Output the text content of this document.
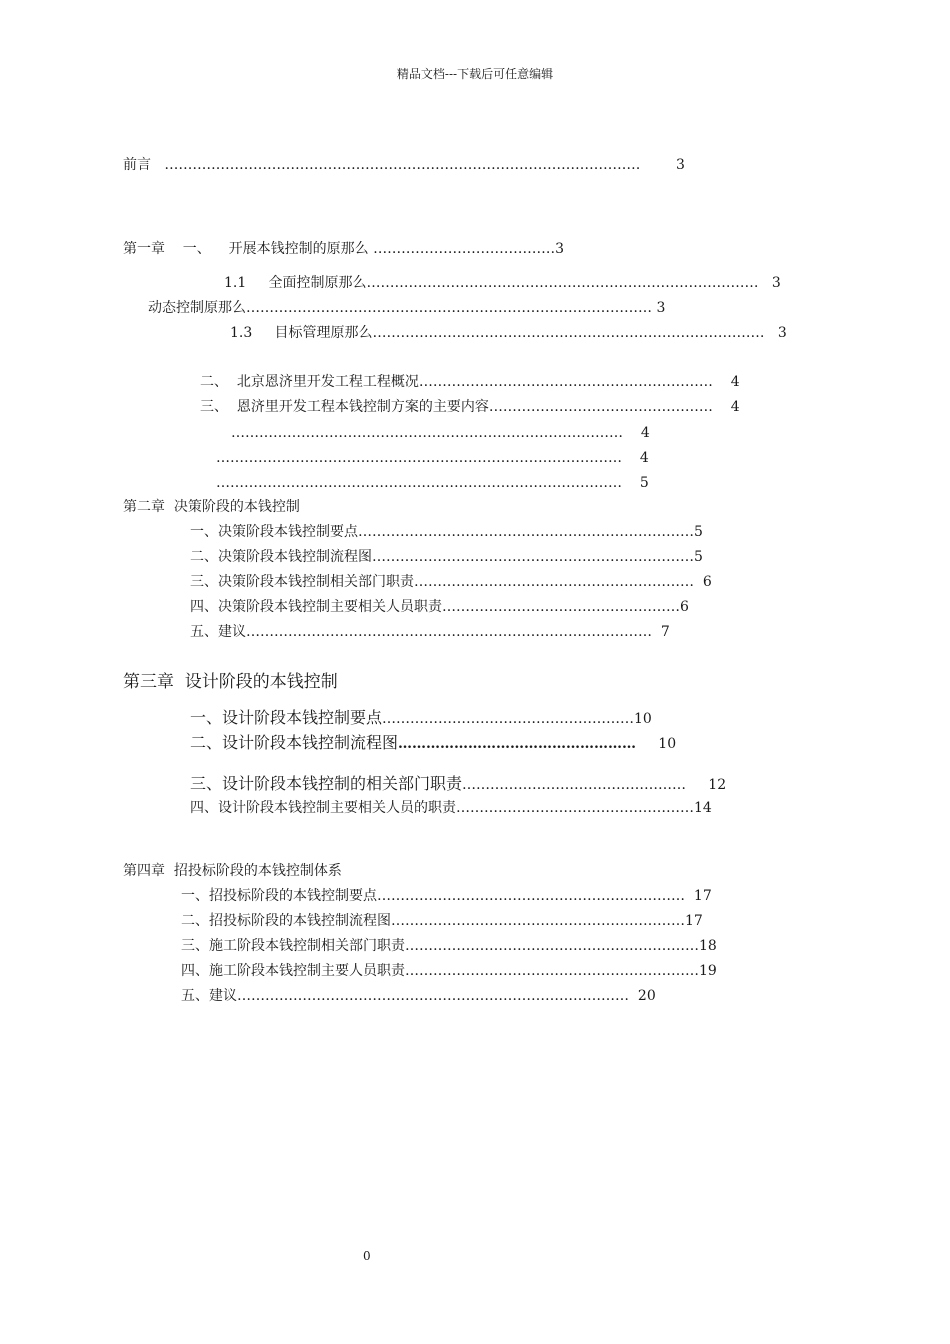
精品文档---下载后可任意编辑
前言 …………………………………………………………………………………………	3
第一章    一、    开展本钱控制的原那么 …………………………………3
1.1     全面控制原那么………………………………………………………………………… 3
动态控制原那么…………………………………………………………………………… 3
1.3     目标管理原那么………………………………………………………………………… 3
二、  北京恩济里开发工程工程概况……………………………………………………… 4
三、  恩济里开发工程本钱控制方案的主要内容………………………………………… 4
………………………………………………………………………… 4
…………………………………………………………………………… 4
…………………………………………………………………………… 5
第二章  决策阶段的本钱控制
一、决策阶段本钱控制要点………………………………………………………………5
二、决策阶段本钱控制流程图……………………………………………………………5
三、决策阶段本钱控制相关部门职责…………………………………………………… 6
四、决策阶段本钱控制主要相关人员职责……………………………………………6
五、建议…………………………………………………………………………… 7
第三章  设计阶段的本钱控制
一、设计阶段本钱控制要点………………………………………………10
二、设计阶段本钱控制流程图…………………………………………… 10
三、设计阶段本钱控制的相关部门职责………………………………………… 12
四、设计阶段本钱控制主要相关人员的职责……………………………………………14
第四章  招投标阶段的本钱控制体系
一、招投标阶段的本钱控制要点………………………………………………………… 17
二、招投标阶段的本钱控制流程图………………………………………………………17
三、施工阶段本钱控制相关部门职责………………………………………………………18
四、施工阶段本钱控制主要人员职责………………………………………………………19
五、建议………………………………………………………………………… 20
0
